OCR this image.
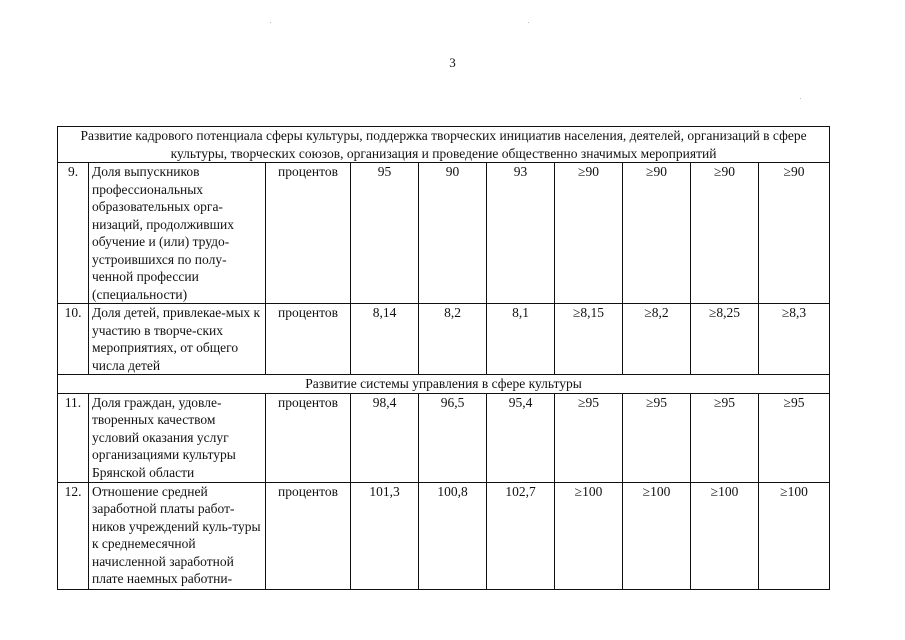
3
Развитие кадрового потенциала сферы культуры, поддержка творческих инициатив населения, деятелей, организаций в сфере культуры, творческих союзов, организация и проведение общественно значимых мероприятий									
9.	Доля выпускников профессиональных образовательных орга-низаций, продолживших обучение и (или) трудо-устроившихся по полу-ченной профессии (специальности)	процентов	95	90	93	≥90	≥90	≥90	≥90
10.	Доля детей, привлекае-мых к участию в творче-ских мероприятиях, от общего числа детей	процентов	8,14	8,2	8,1	≥8,15	≥8,2	≥8,25	≥8,3
Развитие системы управления в сфере культуры									
11.	Доля граждан, удовле-творенных качеством условий оказания услуг организациями культуры Брянской области	процентов	98,4	96,5	95,4	≥95	≥95	≥95	≥95
12.	Отношение средней заработной платы работ-ников учреждений куль-туры к среднемесячной начисленной заработной плате наемных работни-	процентов	101,3	100,8	102,7	≥100	≥100	≥100	≥100
